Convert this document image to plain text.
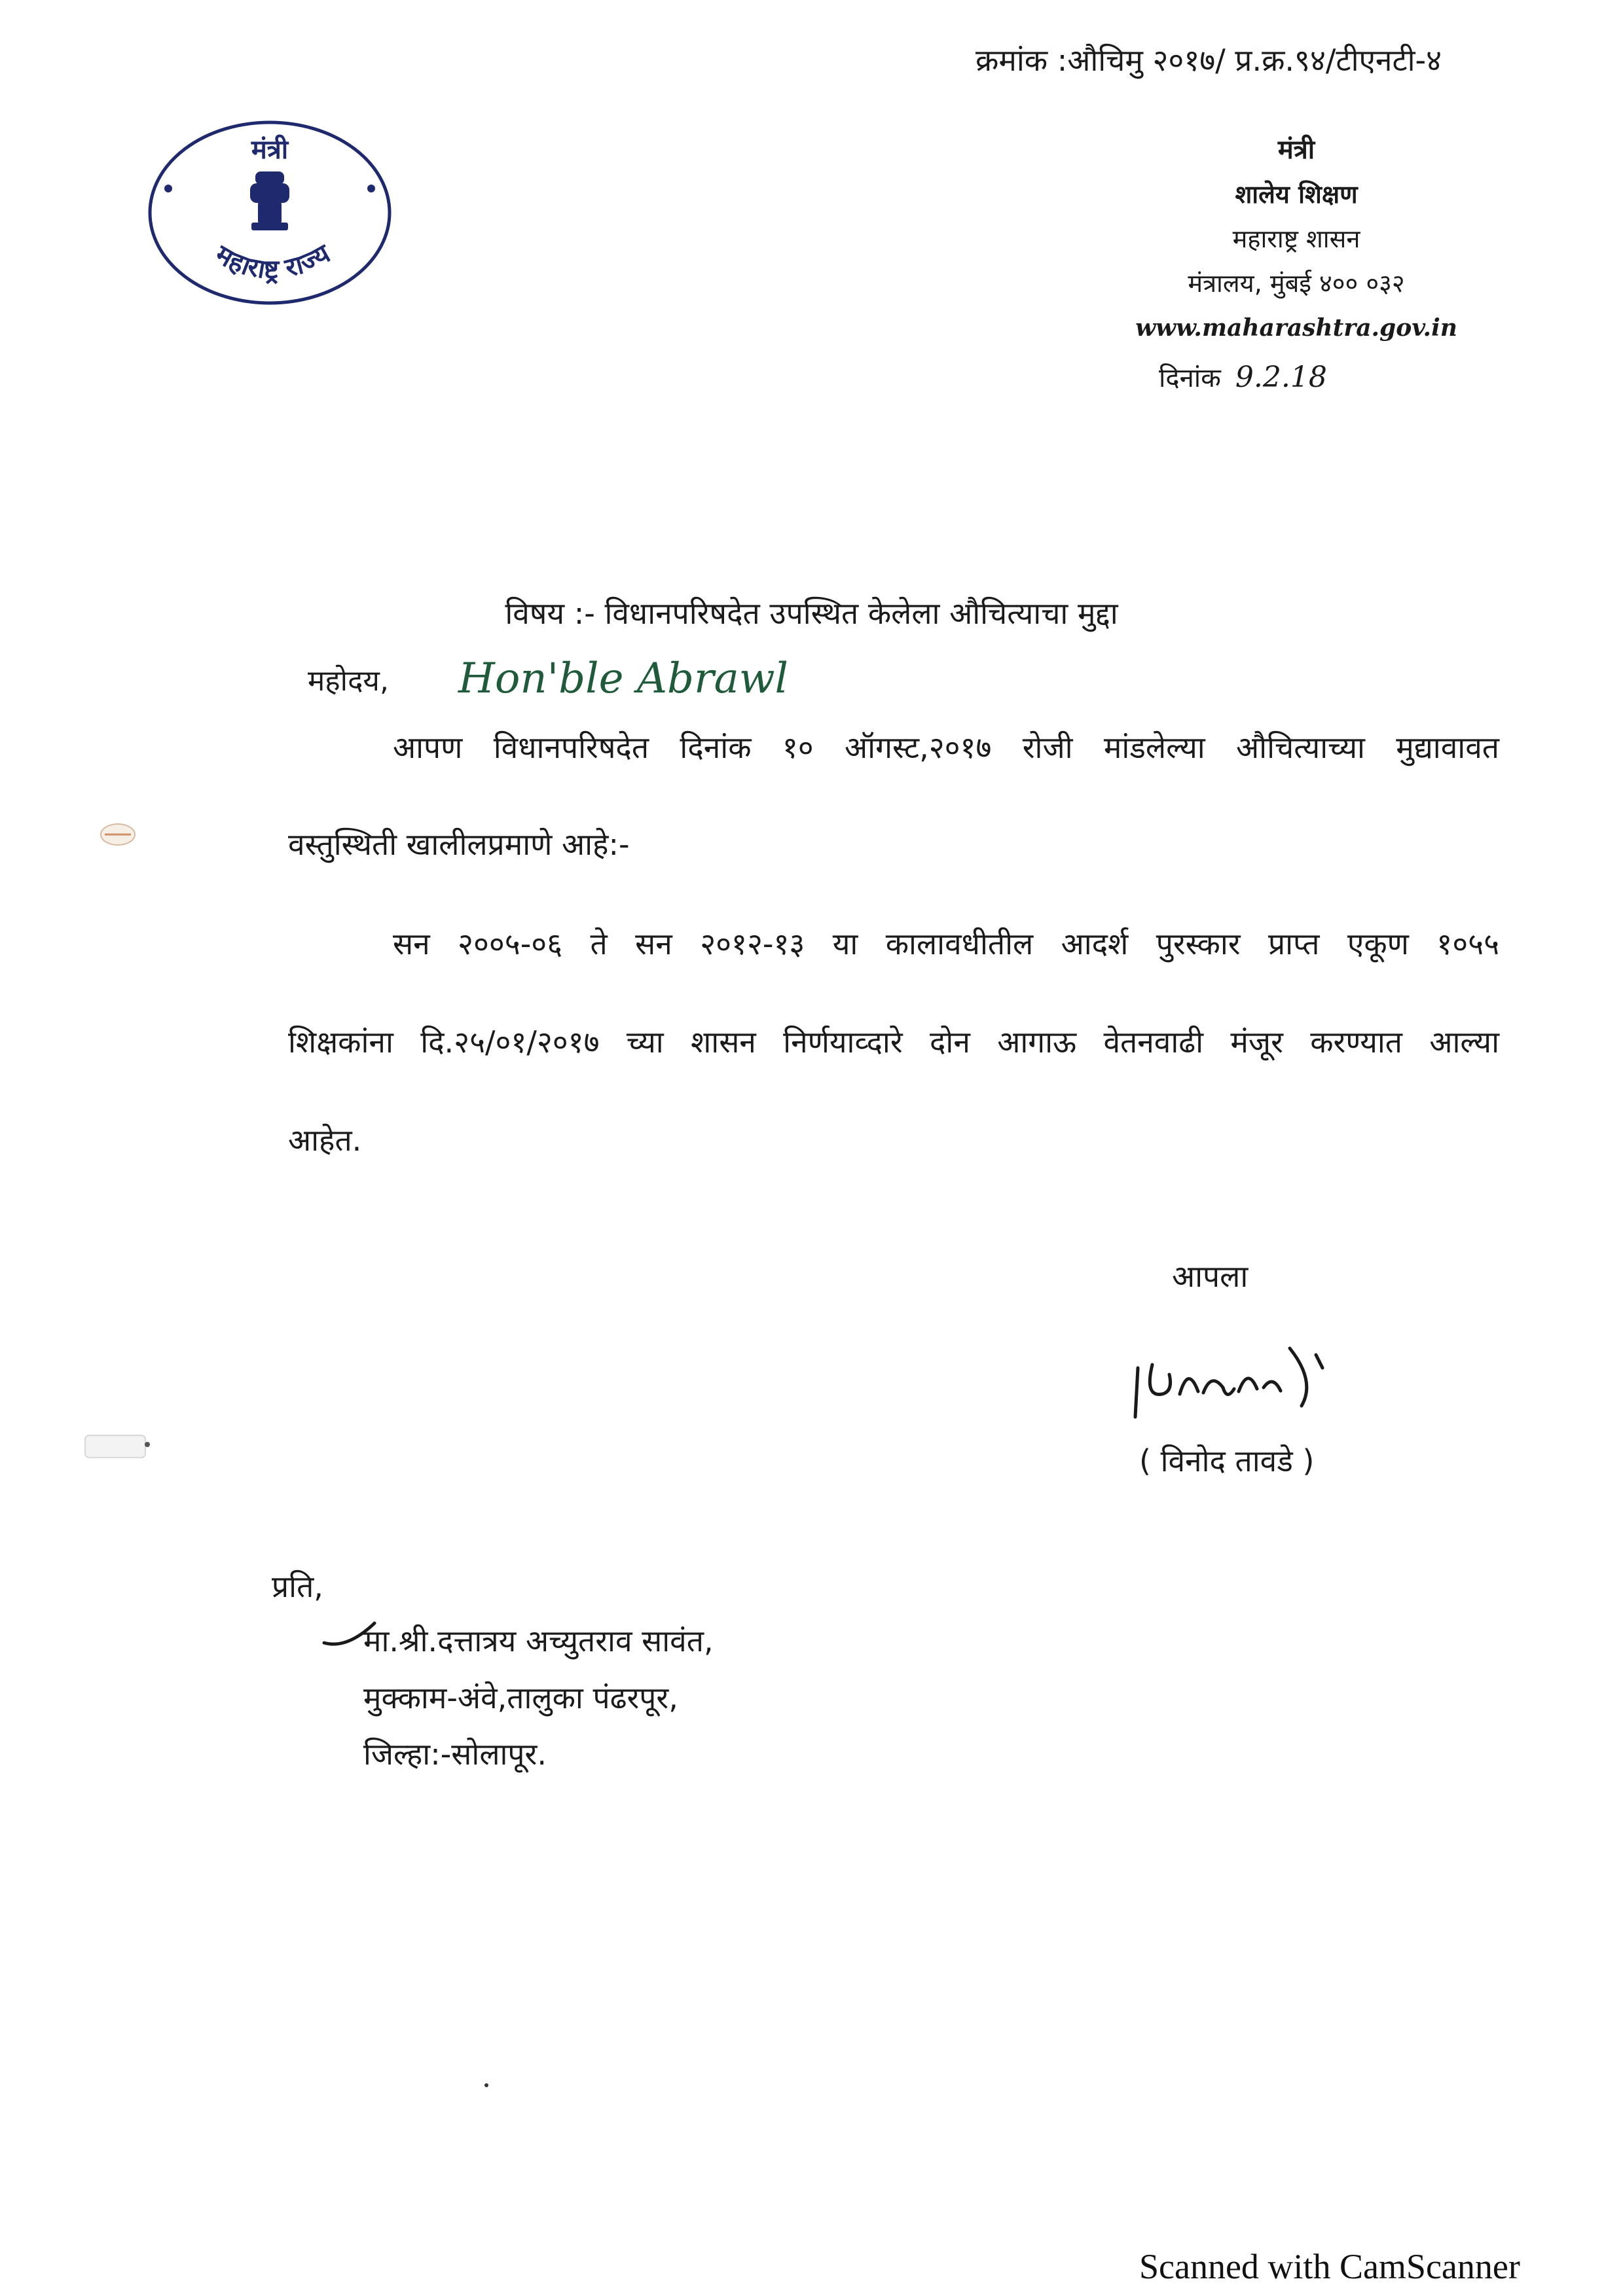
क्रमांक :औचिमु २०१७/ प्र.क्र.९४/टीएनटी-४
मंत्री
महाराष्ट्र राज्य
मंत्री
शालेय शिक्षण
महाराष्ट्र शासन
मंत्रालय, मुंबई ४०० ०३२
www.maharashtra.gov.in
दिनांक 9.2.18
विषय :- विधानपरिषदेत उपस्थित केलेला औचित्याचा मुद्दा
महोदय, Hon'ble Abrawl
आपण विधानपरिषदेत दिनांक १० ऑगस्ट,२०१७ रोजी मांडलेल्या औचित्याच्या मुद्यावावत
वस्तुस्थिती खालीलप्रमाणे आहे:-
सन २००५-०६ ते सन २०१२-१३ या कालावधीतील आदर्श पुरस्कार प्राप्त एकूण १०५५
शिक्षकांना दि.२५/०१/२०१७ च्या शासन निर्णयाव्दारे दोन आगाऊ वेतनवाढी मंजूर करण्यात आल्या
आहेत.
आपला
( विनोद तावडे )
प्रति,
मा.श्री.दत्तात्रय अच्युतराव सावंत,
मुक्काम-अंवे,तालुका पंढरपूर,
जिल्हा:-सोलापूर.
Scanned with CamScanner
